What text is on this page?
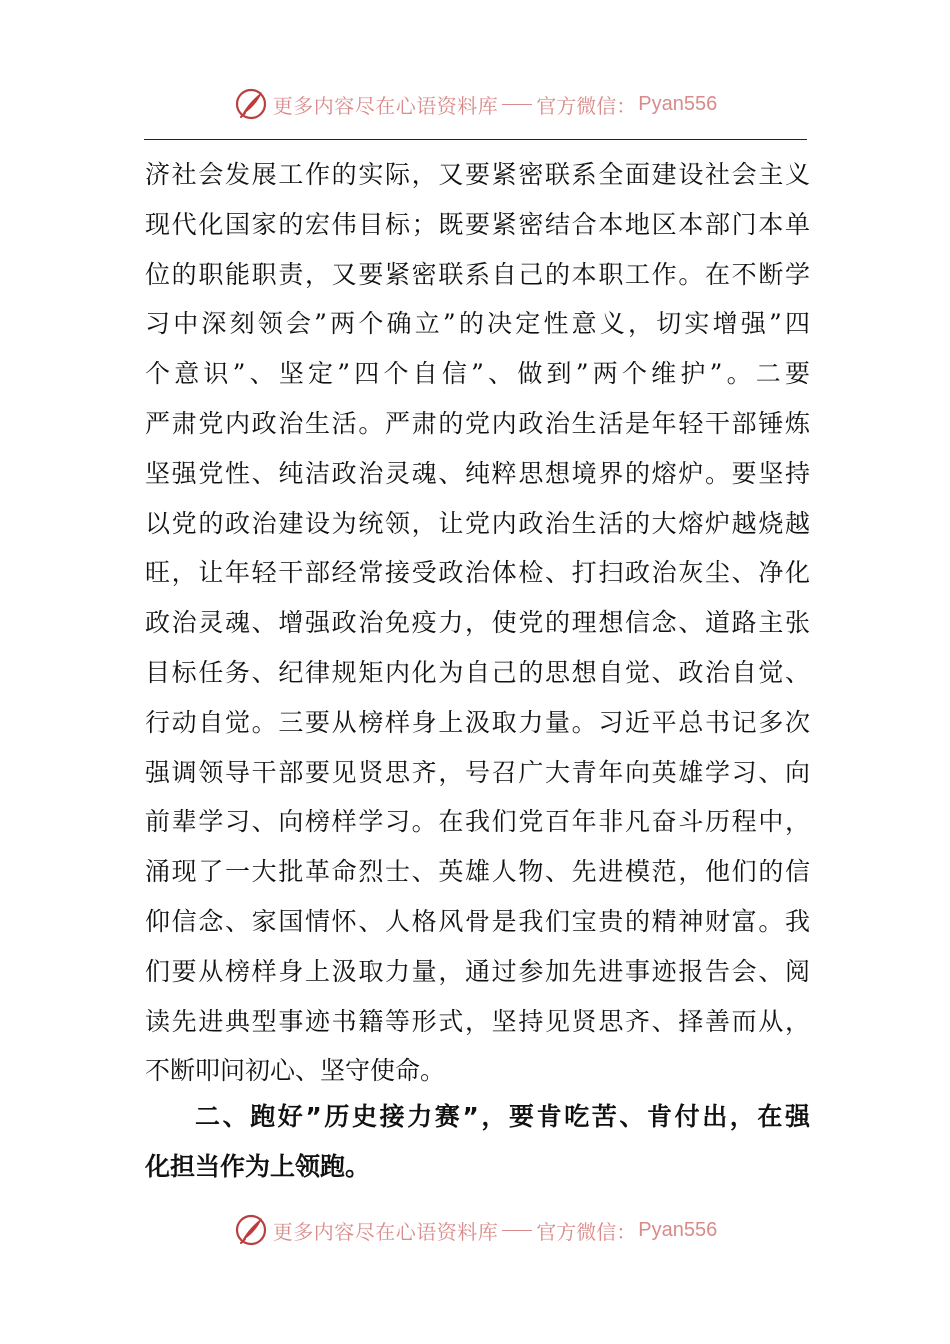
更多内容尽在心语资料库 官方微信： Pyan556
济社会发展工作的实际，又要紧密联系全面建设社会主义
现代化国家的宏伟目标；既要紧密结合本地区本部门本单
位的职能职责，又要紧密联系自己的本职工作。在不断学
习中深刻领会”两个确立”的决定性意义，切实增强”四
个意识”、坚定”四个自信”、做到”两个维护”。二要
严肃党内政治生活。严肃的党内政治生活是年轻干部锤炼
坚强党性、纯洁政治灵魂、纯粹思想境界的熔炉。要坚持
以党的政治建设为统领，让党内政治生活的大熔炉越烧越
旺，让年轻干部经常接受政治体检、打扫政治灰尘、净化
政治灵魂、增强政治免疫力，使党的理想信念、道路主张
目标任务、纪律规矩内化为自己的思想自觉、政治自觉、
行动自觉。三要从榜样身上汲取力量。习近平总书记多次
强调领导干部要见贤思齐，号召广大青年向英雄学习、向
前辈学习、向榜样学习。在我们党百年非凡奋斗历程中，
涌现了一大批革命烈士、英雄人物、先进模范，他们的信
仰信念、家国情怀、人格风骨是我们宝贵的精神财富。我
们要从榜样身上汲取力量，通过参加先进事迹报告会、阅
读先进典型事迹书籍等形式，坚持见贤思齐、择善而从，
不断叩问初心、坚守使命。
二、跑好”历史接力赛”，要肯吃苦、肯付出，在强
化担当作为上领跑。
更多内容尽在心语资料库 官方微信： Pyan556
